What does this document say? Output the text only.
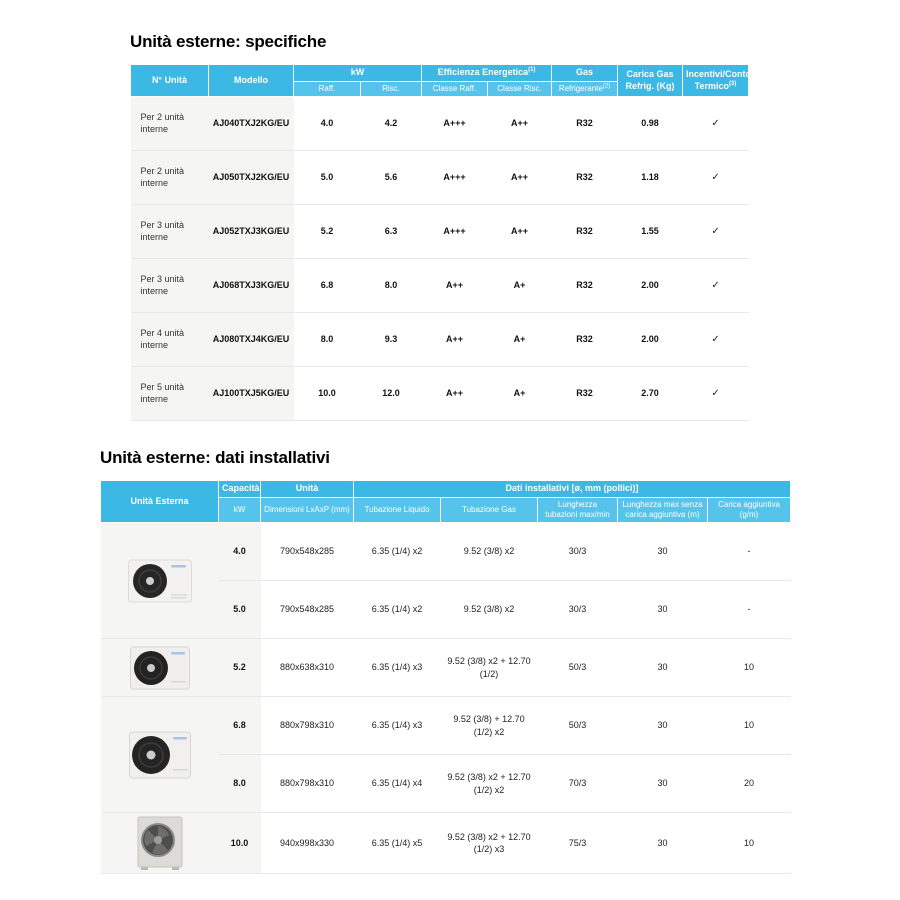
Unità esterne: specifiche
N° Unità	Modello	kW		Efficienza Energetica$^{(1)}$		Gas	Carica Gas Refrig. (Kg)	Incentivi/Conto Termico$^{(3)}$
		Raff.	Risc.	Classe Raff.	Classe Risc.	Refrigerante$^{(2)}$
Per 2 unità interne	AJ040TXJ2KG/EU	4.0	4.2	A+++	A++	R32	0.98	✓
Per 2 unità interne	AJ050TXJ2KG/EU	5.0	5.6	A+++	A++	R32	1.18	✓
Per 3 unità interne	AJ052TXJ3KG/EU	5.2	6.3	A+++	A++	R32	1.55	✓
Per 3 unità interne	AJ068TXJ3KG/EU	6.8	8.0	A++	A+	R32	2.00	✓
Per 4 unità interne	AJ080TXJ4KG/EU	8.0	9.3	A++	A+	R32	2.00	✓
Per 5 unità interne	AJ100TXJ5KG/EU	10.0	12.0	A++	A+	R32	2.70	✓
Unità esterne: dati installativi
Unità Esterna	Capacità	Unità	Dati installativi [ø, mm (pollici)]				
	kW	Dimensioni LxAxP (mm)	Tubazione Liquido	Tubazione Gas	Lunghezza tubazioni max/min	Lunghezza max senza carica aggiuntiva (m)	Carica aggiuntiva (g/m)

	4.0	790x548x285	6.35 (1/4) x2	9.52 (3/8) x2	30/3	30	-
	5.0	790x548x285	6.35 (1/4) x2	9.52 (3/8) x2	30/3	30	-

	5.2	880x638x310	6.35 (1/4) x3	9.52 (3/8) x2 + 12.70 (1/2)	50/3	30	10

	6.8	880x798x310	6.35 (1/4) x3	9.52 (3/8) + 12.70 (1/2) x2	50/3	30	10
	8.0	880x798x310	6.35 (1/4) x4	9.52 (3/8) x2 + 12.70 (1/2) x2	70/3	30	20

	10.0	940x998x330	6.35 (1/4) x5	9.52 (3/8) x2 + 12.70 (1/2) x3	75/3	30	10
